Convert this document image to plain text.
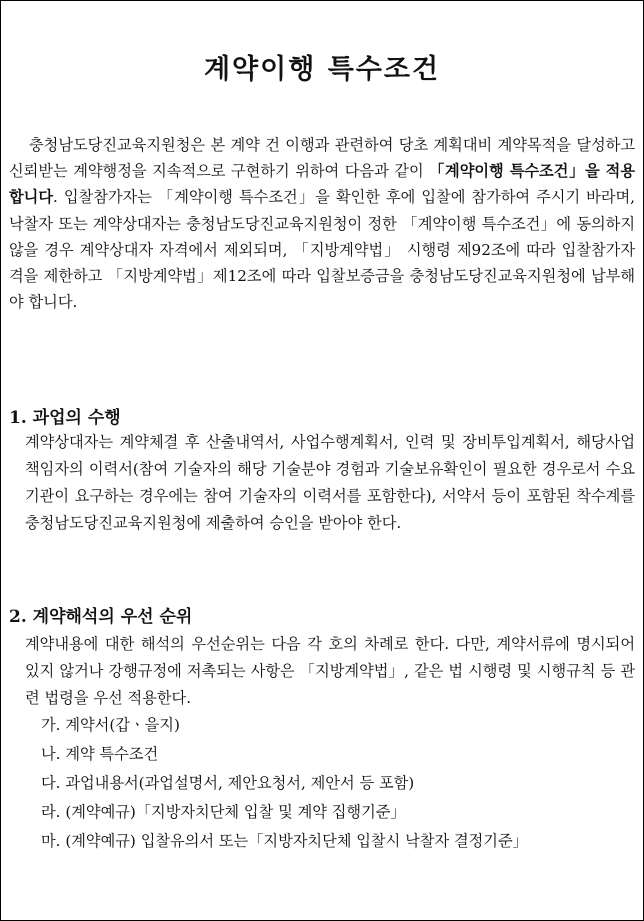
계약이행 특수조건
충청남도당진교육지원청은 본 계약 건 이행과 관련하여 당초 계획대비 계약목적을 달성하고 신뢰받는 계약행정을 지속적으로 구현하기 위하여 다음과 같이 「계약이행 특수조건」을 적용합니다. 입찰참가자는 「계약이행 특수조건」을 확인한 후에 입찰에 참가하여 주시기 바라며, 낙찰자 또는 계약상대자는 충청남도당진교육지원청이 정한 「계약이행 특수조건」에 동의하지 않을 경우 계약상대자 자격에서 제외되며, 「지방계약법」 시행령 제92조에 따라 입찰참가자격을 제한하고 「지방계약법」제12조에 따라 입찰보증금을 충청남도당진교육지원청에 납부해야 합니다.
1. 과업의 수행
계약상대자는 계약체결 후 산출내역서, 사업수행계획서, 인력 및 장비투입계획서, 해당사업 책임자의 이력서(참여 기술자의 해당 기술분야 경험과 기술보유확인이 필요한 경우로서 수요기관이 요구하는 경우에는 참여 기술자의 이력서를 포함한다), 서약서 등이 포함된 착수계를 충청남도당진교육지원청에 제출하여 승인을 받아야 한다.
2. 계약해석의 우선 순위
계약내용에 대한 해석의 우선순위는 다음 각 호의 차례로 한다. 다만, 계약서류에 명시되어 있지 않거나 강행규정에 저촉되는 사항은 「지방계약법」, 같은 법 시행령 및 시행규칙 등 관련 법령을 우선 적용한다.
가. 계약서(갑ㆍ을지)
나. 계약 특수조건
다. 과업내용서(과업설명서, 제안요청서, 제안서 등 포함)
라. (계약예규)「지방자치단체 입찰 및 계약 집행기준」
마. (계약예규) 입찰유의서 또는「지방자치단체 입찰시 낙찰자 결정기준」
